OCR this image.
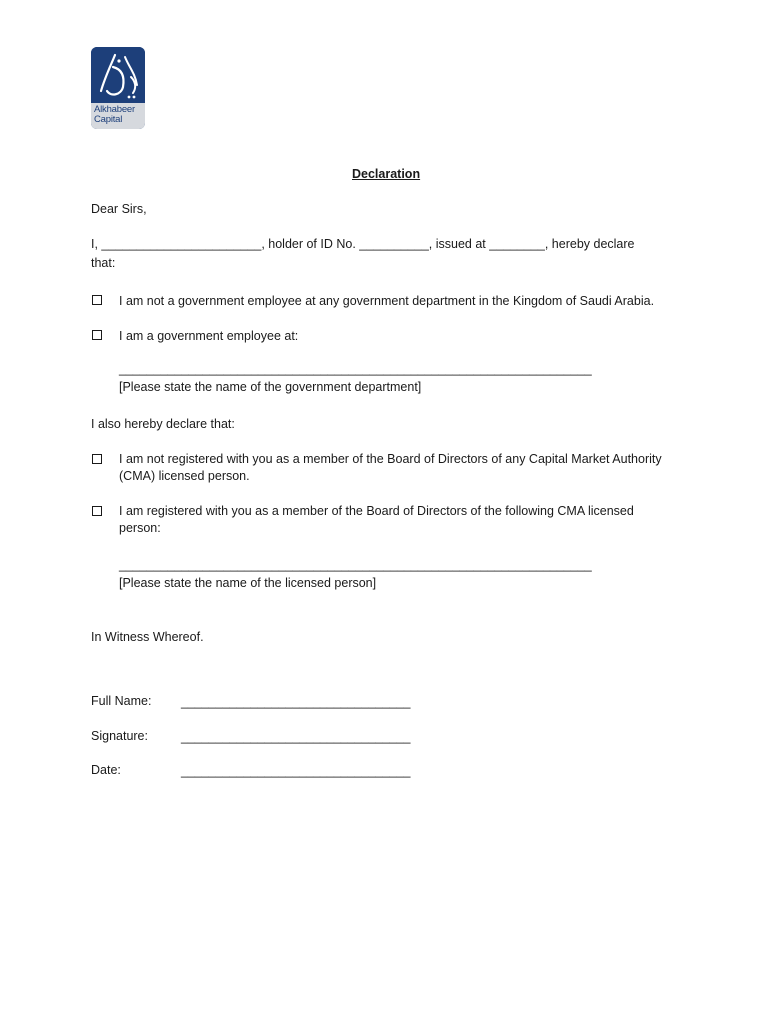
Alkhabeer
Capital
Declaration
Dear Sirs,
I, _______________________, holder of ID No. __________, issued at ________, hereby declare
that:
I am not a government employee at any government department in the Kingdom of Saudi Arabia.
I am a government employee at:
____________________________________________________________________
[Please state the name of the government department]
I also hereby declare that:
I am not registered with you as a member of the Board of Directors of any Capital Market Authority
(CMA) licensed person.
I am registered with you as a member of the Board of Directors of the following CMA licensed
person:
____________________________________________________________________
[Please state the name of the licensed person]
In Witness Whereof.
Full Name: _________________________________
Signature:	_________________________________
Date:	_________________________________
